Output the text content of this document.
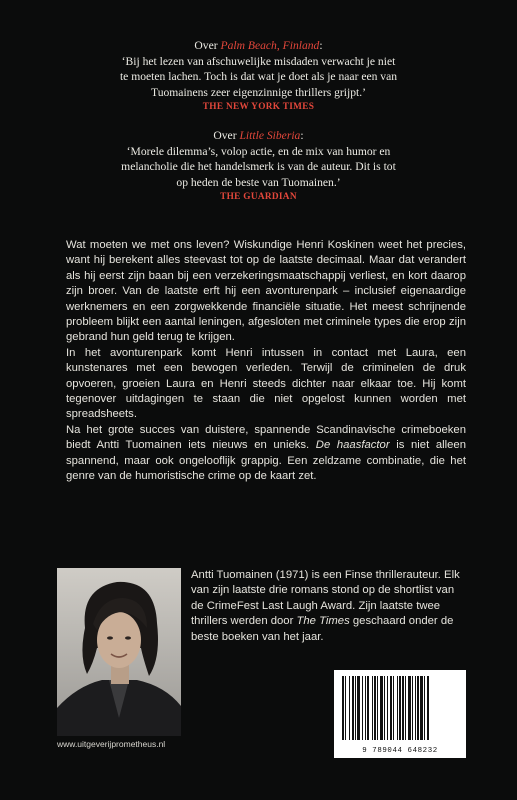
Over Palm Beach, Finland:
‘Bij het lezen van afschuwelijke misdaden verwacht je niet
te moeten lachen. Toch is dat wat je doet als je naar een van
Tuomainens zeer eigenzinnige thrillers grijpt.’
THE NEW YORK TIMES
Over Little Siberia:
‘Morele dilemma’s, volop actie, en de mix van humor en
melancholie die het handelsmerk is van de auteur. Dit is tot
op heden de beste van Tuomainen.’
THE GUARDIAN

Wat moeten we met ons leven? Wiskundige Henri Koskinen weet het precies, want hij berekent alles steevast tot op de laatste decimaal. Maar dat verandert als hij eerst zijn baan bij een verzekeringsmaatschappij verliest, en kort daarop zijn broer. Van de laatste erft hij een avonturenpark – inclusief eigenaardige werknemers en een zorgwekkende financiële situatie. Het meest schrijnende probleem blijkt een aantal leningen, afgesloten met criminele types die erop zijn gebrand hun geld terug te krijgen.

In het avonturenpark komt Henri intussen in contact met Laura, een kunstenares met een bewogen verleden. Terwijl de criminelen de druk opvoeren, groeien Laura en Henri steeds dichter naar elkaar toe. Hij komt tegenover uitdagingen te staan die niet opgelost kunnen worden met spreadsheets.

Na het grote succes van duistere, spannende Scandinavische crimeboeken biedt Antti Tuomainen iets nieuws en unieks. De haasfactor is niet alleen spannend, maar ook ongelooflijk grappig. Een zeldzame combinatie, die het genre van de humoristische crime op de kaart zet.

www.uitgeverijprometheus.nl
Antti Tuomainen (1971) is een Finse thrillerauteur. Elk van zijn laatste drie romans stond op de shortlist van de CrimeFest Last Laugh Award. Zijn laatste twee thrillers werden door The Times geschaard onder de beste boeken van het jaar.
9 789044 648232
